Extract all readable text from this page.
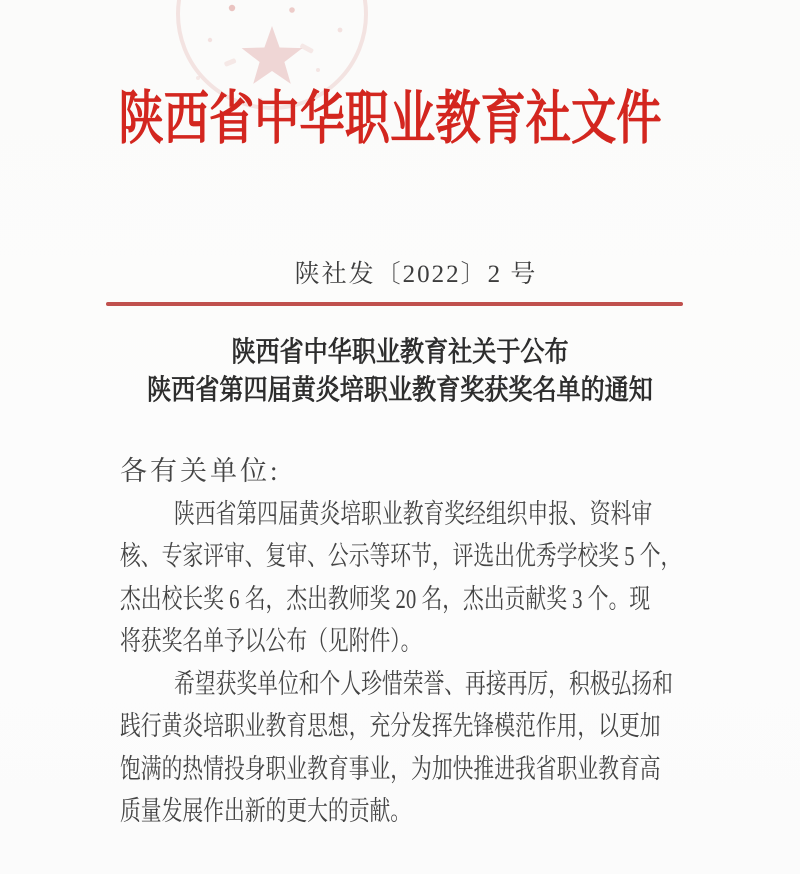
陕西省中华职业教育社文件
陕社发〔2022〕2 号
陕西省中华职业教育社关于公布
陕西省第四届黄炎培职业教育奖获奖名单的通知
各有关单位:
陕西省第四届黄炎培职业教育奖经组织申报、资料审
核、专家评审、复审、公示等环节，评选出优秀学校奖 5 个，
杰出校长奖 6 名，杰出教师奖 20 名，杰出贡献奖 3 个。现
将获奖名单予以公布（见附件）。
希望获奖单位和个人珍惜荣誉、再接再厉，积极弘扬和
践行黄炎培职业教育思想，充分发挥先锋模范作用，以更加
饱满的热情投身职业教育事业，为加快推进我省职业教育高
质量发展作出新的更大的贡献。
